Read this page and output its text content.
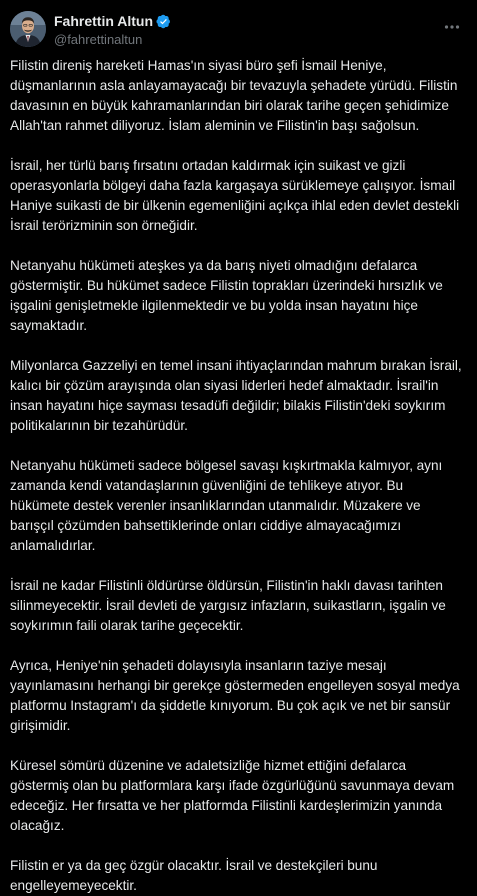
Fahrettin Altun
@fahrettinaltun

Filistin direniş hareketi Hamas'ın siyasi büro şefi İsmail Heniye, düşmanlarının asla anlayamayacağı bir tevazuyla şehadete yürüdü. Filistin davasının en büyük kahramanlarından biri olarak tarihe geçen şehidimize Allah'tan rahmet diliyoruz. İslam aleminin ve Filistin'in başı sağolsun.

İsrail, her türlü barış fırsatını ortadan kaldırmak için suikast ve gizli operasyonlarla bölgeyi daha fazla kargaşaya sürüklemeye çalışıyor. İsmail Haniye suikasti de bir ülkenin egemenliğini açıkça ihlal eden devlet destekli İsrail terörizminin son örneğidir.

Netanyahu hükümeti ateşkes ya da barış niyeti olmadığını defalarca göstermiştir. Bu hükümet sadece Filistin toprakları üzerindeki hırsızlık ve işgalini genişletmekle ilgilenmektedir ve bu yolda insan hayatını hiçe saymaktadır.

Milyonlarca Gazzeliyi en temel insani ihtiyaçlarından mahrum bırakan İsrail, kalıcı bir çözüm arayışında olan siyasi liderleri hedef almaktadır. İsrail'in insan hayatını hiçe sayması tesadüfi değildir; bilakis Filistin'deki soykırım politikalarının bir tezahürüdür.

Netanyahu hükümeti sadece bölgesel savaşı kışkırtmakla kalmıyor, aynı zamanda kendi vatandaşlarının güvenliğini de tehlikeye atıyor. Bu hükümete destek verenler insanlıklarından utanmalıdır. Müzakere ve barışçıl çözümden bahsettiklerinde onları ciddiye almayacağımızı anlamalıdırlar.

İsrail ne kadar Filistinli öldürürse öldürsün, Filistin'in haklı davası tarihten silinmeyecektir. İsrail devleti de yargısız infazların, suikastların, işgalin ve soykırımın faili olarak tarihe geçecektir.

Ayrıca, Heniye'nin şehadeti dolayısıyla insanların taziye mesajı yayınlamasını herhangi bir gerekçe göstermeden engelleyen sosyal medya platformu Instagram'ı da şiddetle kınıyorum. Bu çok açık ve net bir sansür girişimidir.

Küresel sömürü düzenine ve adaletsizliğe hizmet ettiğini defalarca göstermiş olan bu platformlara karşı ifade özgürlüğünü savunmaya devam edeceğiz. Her fırsatta ve her platformda Filistinli kardeşlerimizin yanında olacağız.

Filistin er ya da geç özgür olacaktır. İsrail ve destekçileri bunu engelleyemeyecektir.
